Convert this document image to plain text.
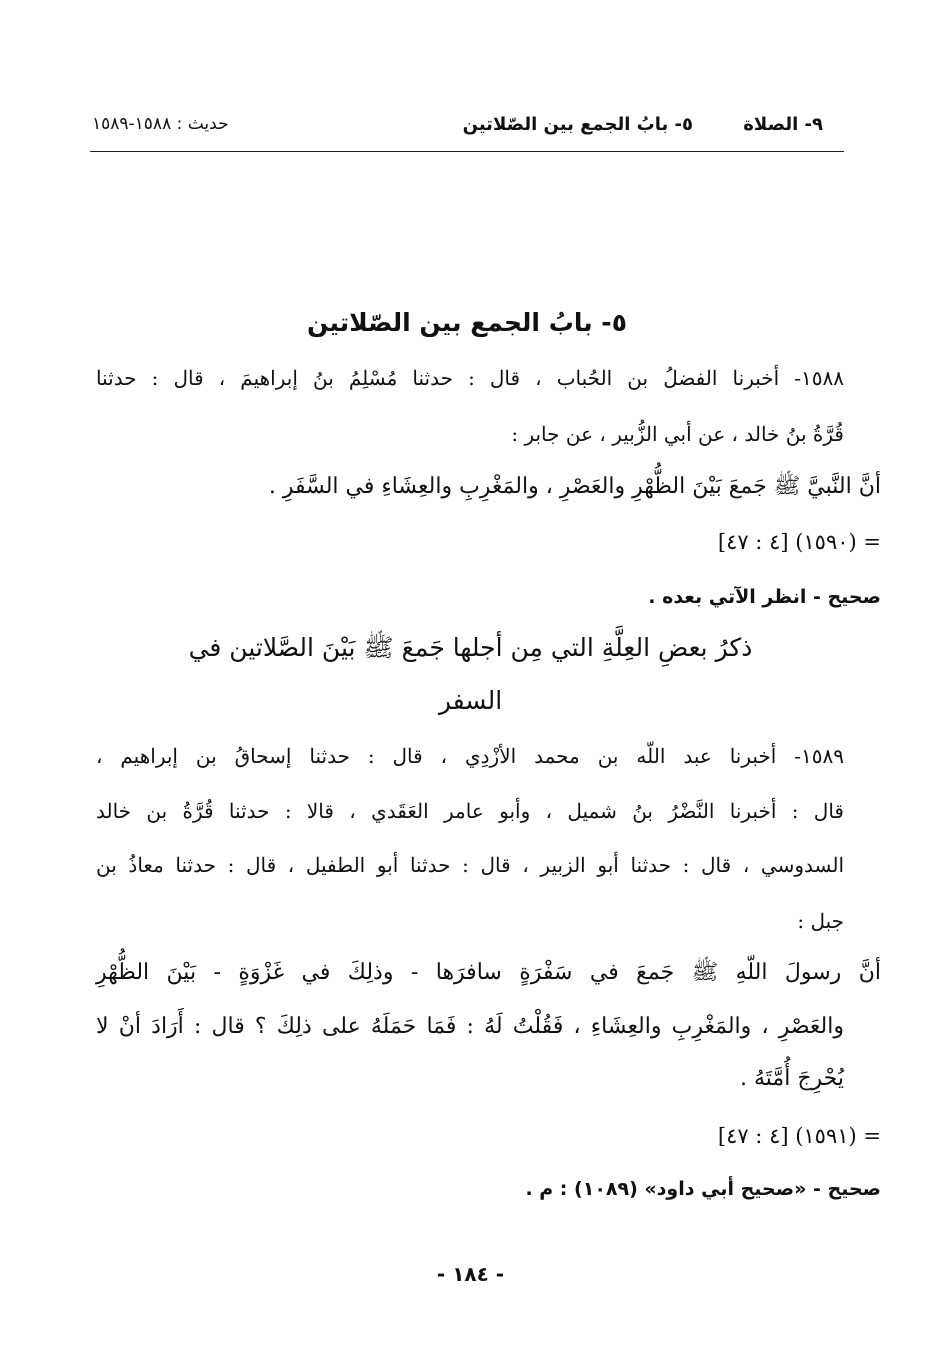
٩- الصلاة
٥- بابُ الجمع بين الصّلاتين
حديث : ١٥٨٨-١٥٨٩
٥- بابُ الجمع بين الصّلاتين
١٥٨٨- أخبرنا الفضلُ بن الحُباب ، قال : حدثنا مُسْلِمُ بنُ إبراهيمَ ، قال : حدثنا
قُرَّةُ بنُ خالد ، عن أبي الزُّبير ، عن جابر :
أنَّ النَّبيَّ ﷺ جَمعَ بَيْنَ الظُّهْرِ والعَصْرِ ، والمَغْرِبِ والعِشَاءِ في السَّفَرِ .
= (١٥٩٠) [٤ : ٤٧]
صحيح - انظر الآتي بعده .
ذكرُ بعضِ العِلَّةِ التي مِن أجلها جَمعَ ﷺ بَيْنَ الصَّلاتين في
السفر
١٥٨٩- أخبرنا عبد اللّه بن محمد الأزْدِي ، قال : حدثنا إسحاقُ بن إبراهيم ،
قال : أخبرنا النَّضْرُ بنُ شميل ، وأبو عامر العَقَدي ، قالا : حدثنا قُرَّةُ بن خالد
السدوسي ، قال : حدثنا أبو الزبير ، قال : حدثنا أبو الطفيل ، قال : حدثنا معاذُ بن
جبل :
أنَّ رسولَ اللّهِ ﷺ جَمعَ في سَفْرَةٍ سافرَها - وذلِكَ في غَزْوَةٍ - بَيْنَ الظُّهْرِ
والعَصْرِ ، والمَغْرِبِ والعِشَاءِ ، فَقُلْتُ لَهُ : فَمَا حَمَلَهُ على ذلِكَ ؟ قال : أَرَادَ أنْ لا
يُحْرِجَ أُمَّتَهُ .
= (١٥٩١) [٤ : ٤٧]
صحيح - «صحيح أبي داود» (١٠٨٩) : م .
- ١٨٤ -
